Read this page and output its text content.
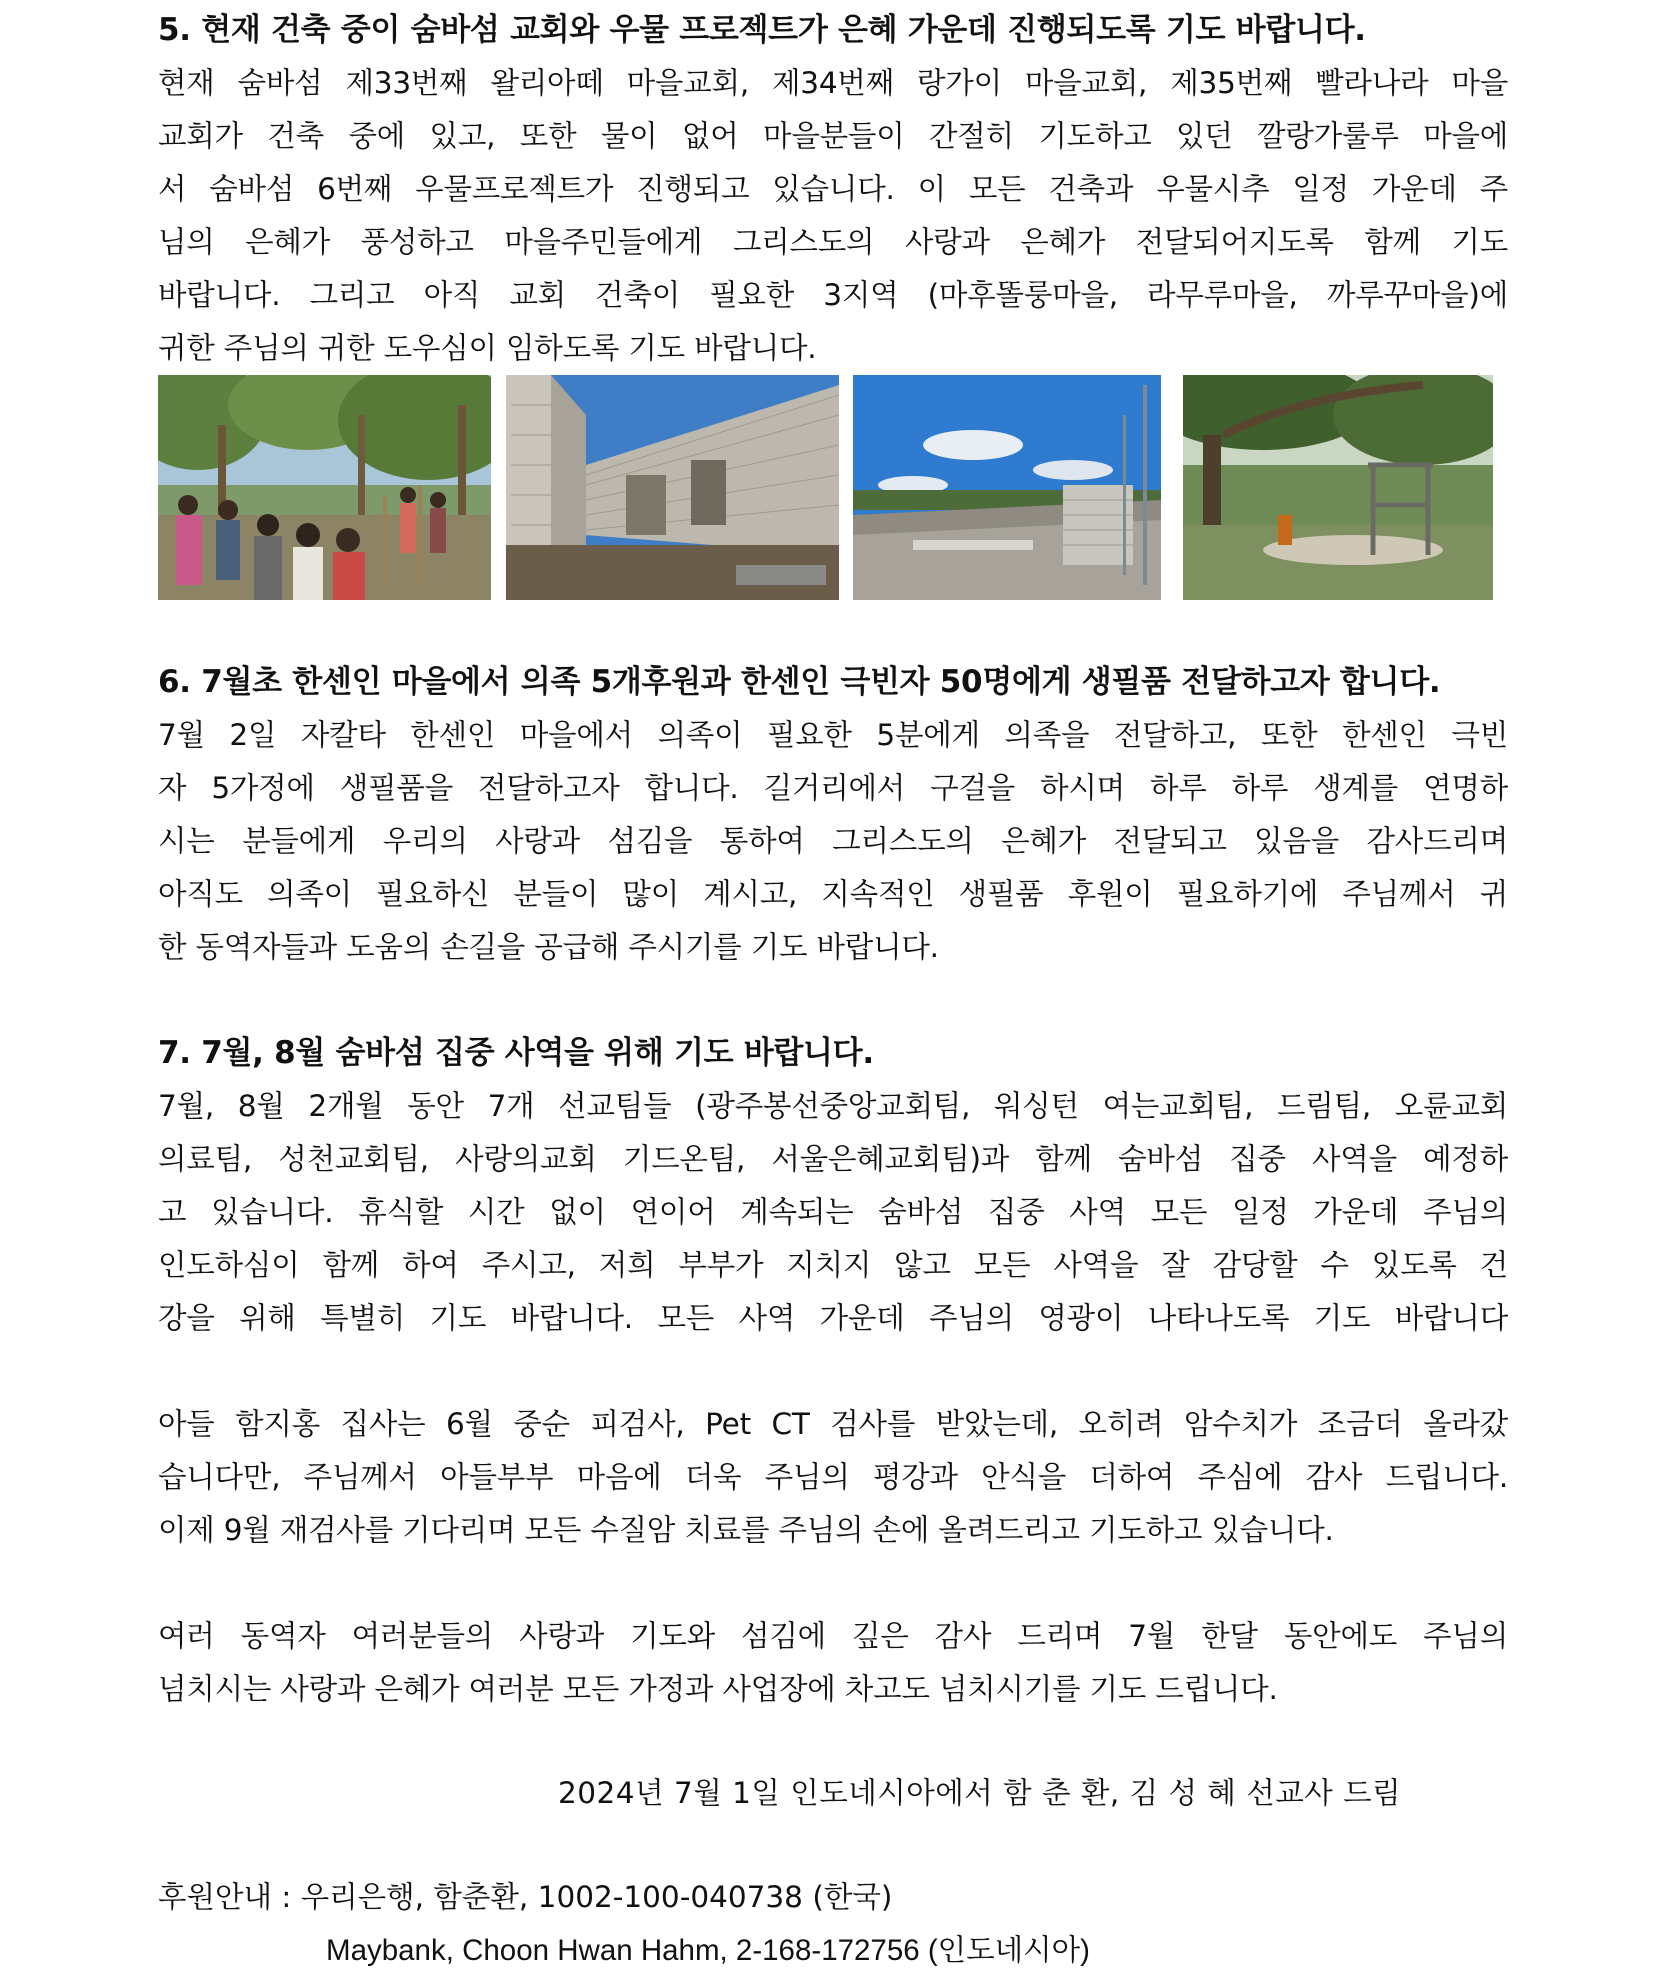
5. 현재 건축 중이 숨바섬 교회와 우물 프로젝트가 은혜 가운데 진행되도록 기도 바랍니다.

현재 숨바섬 제33번째 왈리아떼 마을교회, 제34번째 랑가이 마을교회, 제35번째 빨라나라 마을
교회가 건축 중에 있고, 또한 물이 없어 마을분들이 간절히 기도하고 있던 깔랑가룰루 마을에
서 숨바섬 6번째 우물프로젝트가 진행되고 있습니다. 이 모든 건축과 우물시추 일정 가운데 주
님의 은혜가 풍성하고 마을주민들에게 그리스도의 사랑과 은혜가 전달되어지도록 함께 기도
바랍니다. 그리고 아직 교회 건축이 필요한 3지역 (마후똘룽마을, 라무루마을, 까루꾸마을)에
귀한 주님의 귀한 도우심이 임하도록 기도 바랍니다.

6. 7월초 한센인 마을에서 의족 5개후원과 한센인 극빈자 50명에게 생필품 전달하고자 합니다.

7월 2일 자칼타 한센인 마을에서 의족이 필요한 5분에게 의족을 전달하고, 또한 한센인 극빈
자 5가정에 생필품을 전달하고자 합니다. 길거리에서 구걸을 하시며 하루 하루 생계를 연명하
시는 분들에게 우리의 사랑과 섬김을 통하여 그리스도의 은혜가 전달되고 있음을 감사드리며
아직도 의족이 필요하신 분들이 많이 계시고, 지속적인 생필품 후원이 필요하기에 주님께서 귀
한 동역자들과 도움의 손길을 공급해 주시기를 기도 바랍니다.

7. 7월, 8월 숨바섬 집중 사역을 위해 기도 바랍니다.

7월, 8월 2개월 동안 7개 선교팀들 (광주봉선중앙교회팀, 워싱턴 여는교회팀, 드림팀, 오륜교회
의료팀, 성천교회팀, 사랑의교회 기드온팀, 서울은혜교회팀)과 함께 숨바섬 집중 사역을 예정하
고 있습니다. 휴식할 시간 없이 연이어 계속되는 숨바섬 집중 사역 모든 일정 가운데 주님의
인도하심이 함께 하여 주시고, 저희 부부가 지치지 않고 모든 사역을 잘 감당할 수 있도록 건
강을 위해 특별히 기도 바랍니다. 모든 사역 가운데 주님의 영광이 나타나도록 기도 바랍니다
아들 함지홍 집사는 6월 중순 피검사, Pet CT 검사를 받았는데, 오히려 암수치가 조금더 올라갔
습니다만, 주님께서 아들부부 마음에 더욱 주님의 평강과 안식을 더하여 주심에 감사 드립니다.
이제 9월 재검사를 기다리며 모든 수질암 치료를 주님의 손에 올려드리고 기도하고 있습니다.
여러 동역자 여러분들의 사랑과 기도와 섬김에 깊은 감사 드리며 7월 한달 동안에도 주님의
넘치시는 사랑과 은혜가 여러분 모든 가정과 사업장에 차고도 넘치시기를 기도 드립니다.
2024년 7월 1일 인도네시아에서 함 춘 환, 김 성 혜 선교사 드림
후원안내 : 우리은행, 함춘환, 1002-100-040738 (한국)
Maybank, Choon Hwan Hahm, 2-168-172756 (인도네시아)
